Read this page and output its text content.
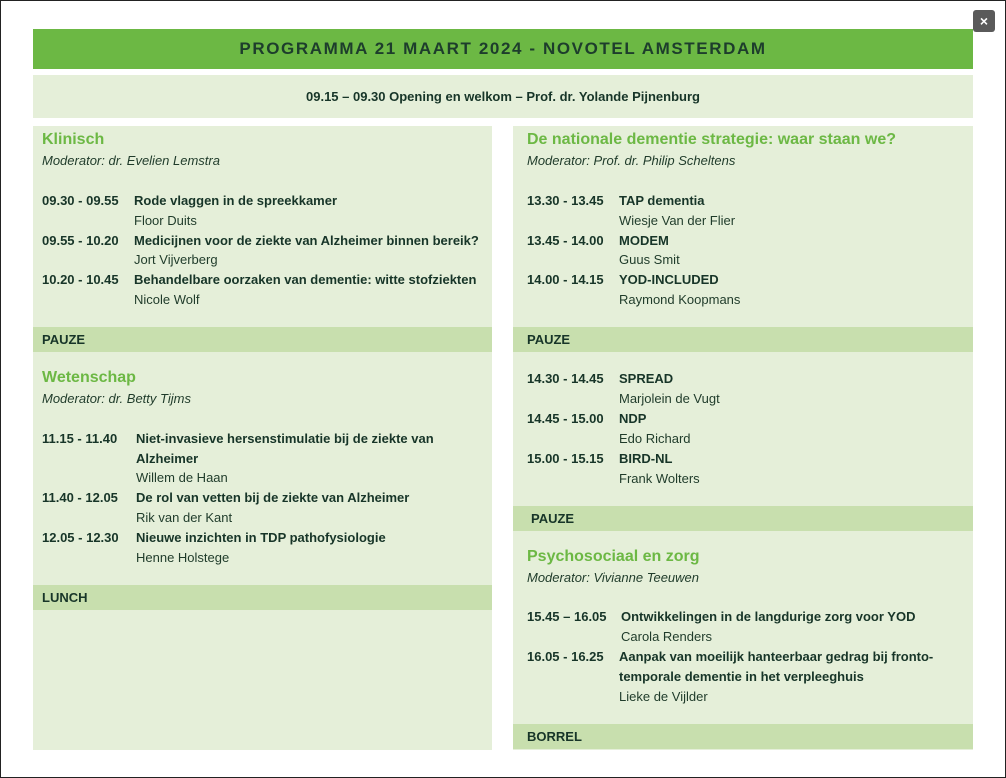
×
PROGRAMMA 21 MAART 2024 - NOVOTEL AMSTERDAM
09.15 – 09.30 Opening en welkom – Prof. dr. Yolande Pijnenburg
Klinisch
Moderator: dr. Evelien Lemstra
09.30 - 09.55 Rode vlaggen in de spreekkamer
Floor Duits
09.55 - 10.20 Medicijnen voor de ziekte van Alzheimer binnen bereik?
Jort Vijverberg
10.20 - 10.45 Behandelbare oorzaken van dementie: witte stofziekten
Nicole Wolf
PAUZE
Wetenschap
Moderator: dr. Betty Tijms
11.15 - 11.40 Niet-invasieve hersenstimulatie bij de ziekte van
Alzheimer
Willem de Haan
11.40 - 12.05 De rol van vetten bij de ziekte van Alzheimer
Rik van der Kant
12.05 - 12.30 Nieuwe inzichten in TDP pathofysiologie
Henne Holstege
LUNCH
De nationale dementie strategie: waar staan we?
Moderator: Prof. dr. Philip Scheltens
13.30 - 13.45 TAP dementia
Wiesje Van der Flier
13.45 - 14.00 MODEM
Guus Smit
14.00 - 14.15 YOD-INCLUDED
Raymond Koopmans
PAUZE
14.30 - 14.45 SPREAD
Marjolein de Vugt
14.45 - 15.00 NDP
Edo Richard
15.00 - 15.15 BIRD-NL
Frank Wolters
PAUZE
Psychosociaal en zorg
Moderator: Vivianne Teeuwen
15.45 – 16.05 Ontwikkelingen in de langdurige zorg voor YOD
Carola Renders
16.05 - 16.25 Aanpak van moeilijk hanteerbaar gedrag bij fronto-
temporale dementie in het verpleeghuis
Lieke de Vijlder
BORREL
